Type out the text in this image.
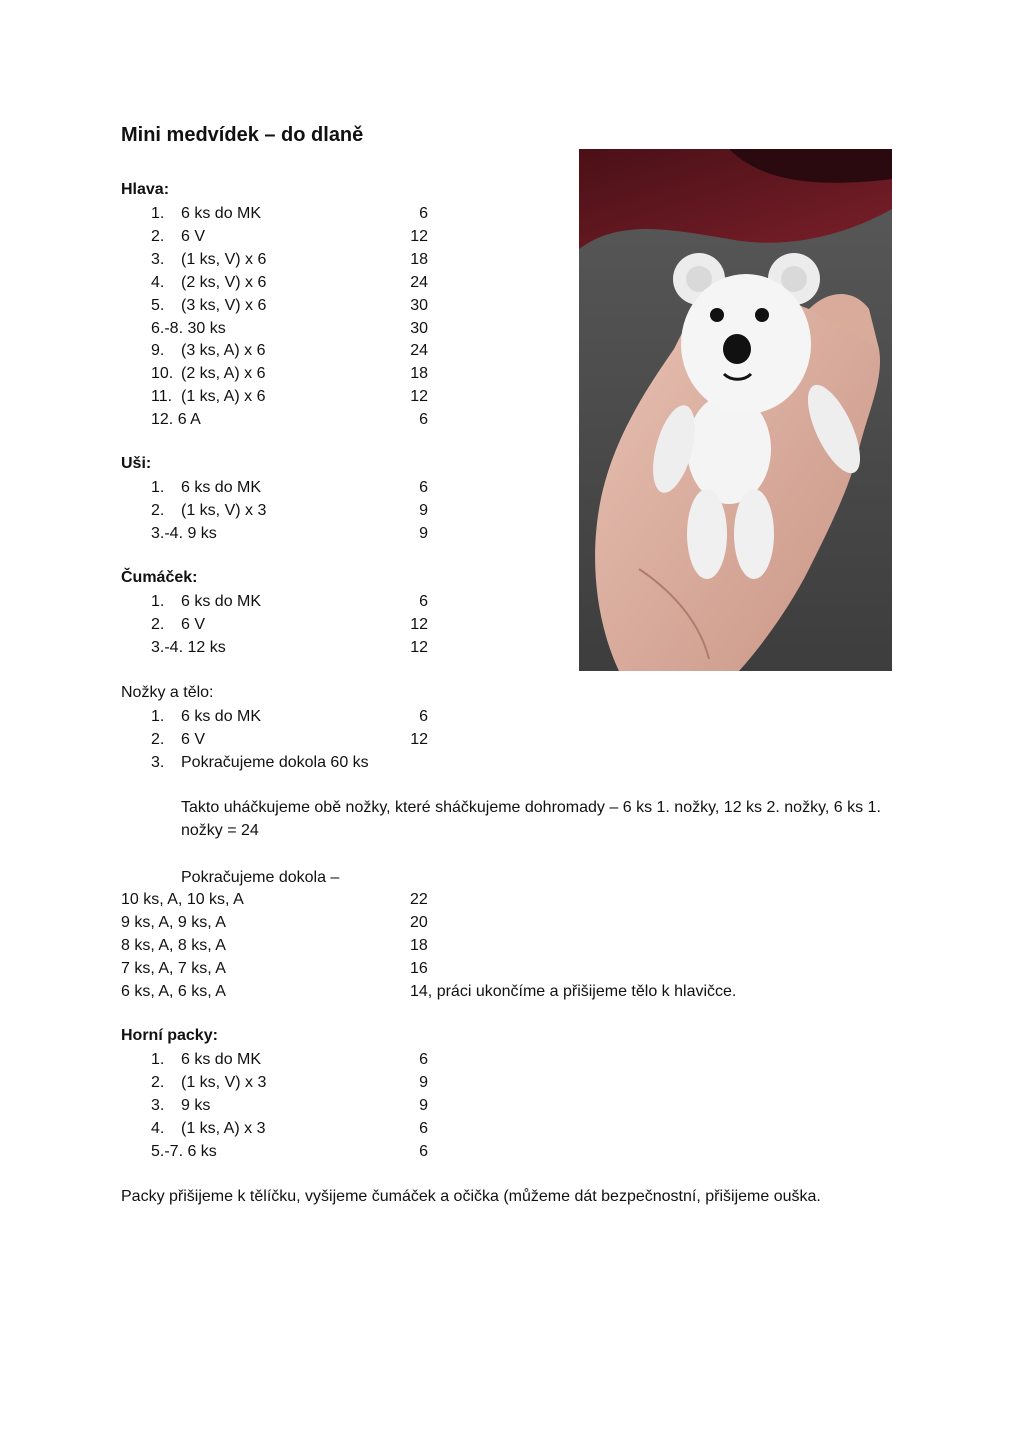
Mini medvídek – do dlaně
Hlava:
1. 6 ks do MK	6
2. 6 V	12
3. (1 ks, V) x 6	18
4. (2 ks, V) x 6	24
5. (3 ks, V) x 6	30
6.-8. 30 ks	30
9. (3 ks, A) x 6	24
10. (2 ks, A) x 6	18
11. (1 ks, A) x 6	12
12. 6 A	6
Uši:
1. 6 ks do MK	6
2. (1 ks, V) x 3	9
3.-4. 9 ks	9
Čumáček:
1. 6 ks do MK	6
2. 6 V	12
3.-4. 12 ks	12
Nožky a tělo:
1. 6 ks do MK	6
2. 6 V	12
3. Pokračujeme dokola 60 ks
Takto uháčkujeme obě nožky, které sháčkujeme dohromady – 6 ks 1. nožky, 12 ks 2. nožky, 6 ks 1. nožky = 24
Pokračujeme dokola –
10 ks, A, 10 ks, A	22
9 ks, A, 9 ks, A	20
8 ks, A, 8 ks, A	18
7 ks, A, 7 ks, A	16
6 ks, A, 6 ks, A	14, práci ukončíme a přišijeme tělo k hlavičce.
Horní packy:
1. 6 ks do MK	6
2. (1 ks, V) x 3	9
3. 9 ks	9
4. (1 ks, A) x 3	6
5.-7. 6 ks	6
Packy přišijeme k tělíčku, vyšijeme čumáček a očička (můžeme dát bezpečnostní, přišijeme ouška.
